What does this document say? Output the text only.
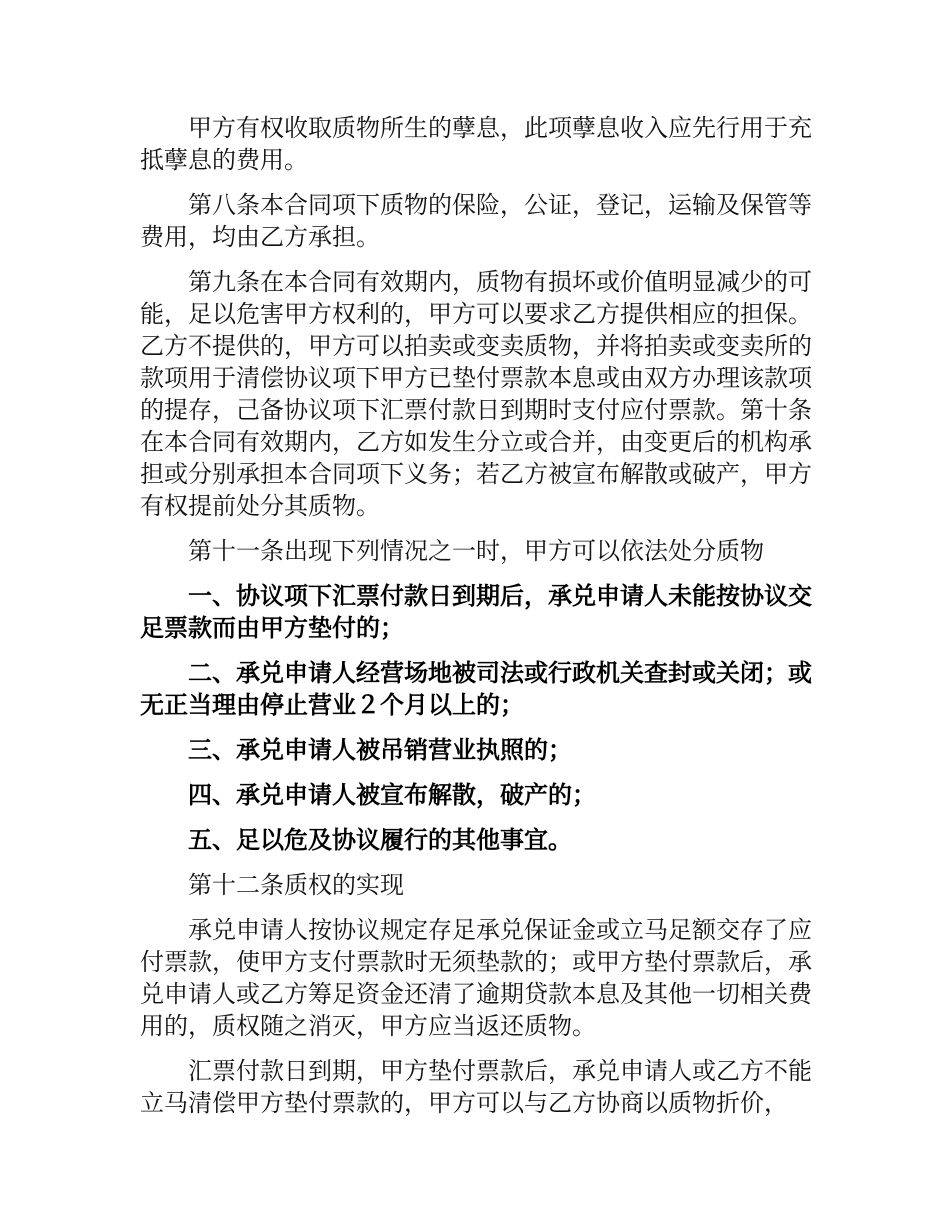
甲方有权收取质物所生的孽息，此项孽息收入应先行用于充抵孽息的费用。

第八条本合同项下质物的保险，公证，登记，运输及保管等费用，均由乙方承担。

第九条在本合同有效期内，质物有损坏或价值明显减少的可能，足以危害甲方权利的，甲方可以要求乙方提供相应的担保。乙方不提供的，甲方可以拍卖或变卖质物，并将拍卖或变卖所的款项用于清偿协议项下甲方已垫付票款本息或由双方办理该款项的提存，己备协议项下汇票付款日到期时支付应付票款。第十条在本合同有效期内，乙方如发生分立或合并，由变更后的机构承担或分别承担本合同项下义务；若乙方被宣布解散或破产，甲方有权提前处分其质物。

第十一条出现下列情况之一时，甲方可以依法处分质物

一、协议项下汇票付款日到期后，承兑申请人未能按协议交足票款而由甲方垫付的；

二、承兑申请人经营场地被司法或行政机关查封或关闭；或无正当理由停止营业２个月以上的；

三、承兑申请人被吊销营业执照的；

四、承兑申请人被宣布解散，破产的；

五、足以危及协议履行的其他事宜。

第十二条质权的实现

承兑申请人按协议规定存足承兑保证金或立马足额交存了应付票款，使甲方支付票款时无须垫款的；或甲方垫付票款后，承兑申请人或乙方筹足资金还清了逾期贷款本息及其他一切相关费用的，质权随之消灭，甲方应当返还质物。

汇票付款日到期，甲方垫付票款后，承兑申请人或乙方不能立马清偿甲方垫付票款的，甲方可以与乙方协商以质物折价，
